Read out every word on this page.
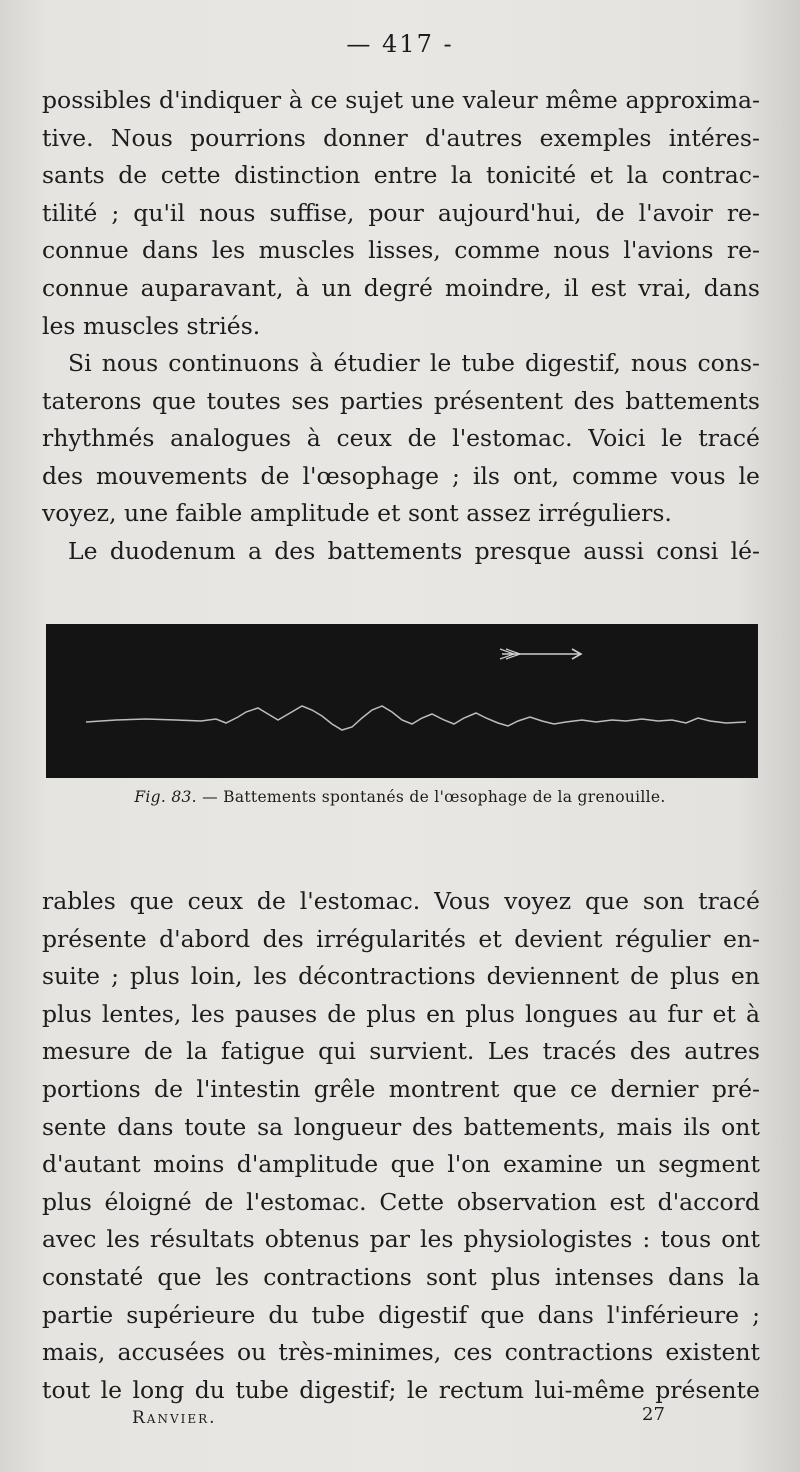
— 417 -
possibles d'indiquer à ce sujet une valeur même approxima-
tive. Nous pourrions donner d'autres exemples intéres-
sants de cette distinction entre la tonicité et la contrac-
tilité ; qu'il nous suffise, pour aujourd'hui, de l'avoir re-
connue dans les muscles lisses, comme nous l'avions re-
connue auparavant, à un degré moindre, il est vrai, dans
les muscles striés.
Si nous continuons à étudier le tube digestif, nous cons-
taterons que toutes ses parties présentent des battements
rhythmés analogues à ceux de l'estomac. Voici le tracé
des mouvements de l'œsophage ; ils ont, comme vous le
voyez, une faible amplitude et sont assez irréguliers.
Le duodenum a des battements presque aussi consi lé-
Fig. 83. — Battements spontanés de l'œsophage de la grenouille.
rables que ceux de l'estomac. Vous voyez que son tracé
présente d'abord des irrégularités et devient régulier en-
suite ; plus loin, les décontractions deviennent de plus en
plus lentes, les pauses de plus en plus longues au fur et à
mesure de la fatigue qui survient. Les tracés des autres
portions de l'intestin grêle montrent que ce dernier pré-
sente dans toute sa longueur des battements, mais ils ont
d'autant moins d'amplitude que l'on examine un segment
plus éloigné de l'estomac. Cette observation est d'accord
avec les résultats obtenus par les physiologistes : tous ont
constaté que les contractions sont plus intenses dans la
partie supérieure du tube digestif que dans l'inférieure ;
mais, accusées ou très-minimes, ces contractions existent
tout le long du tube digestif; le rectum lui-même présente
Ranvier.	27
